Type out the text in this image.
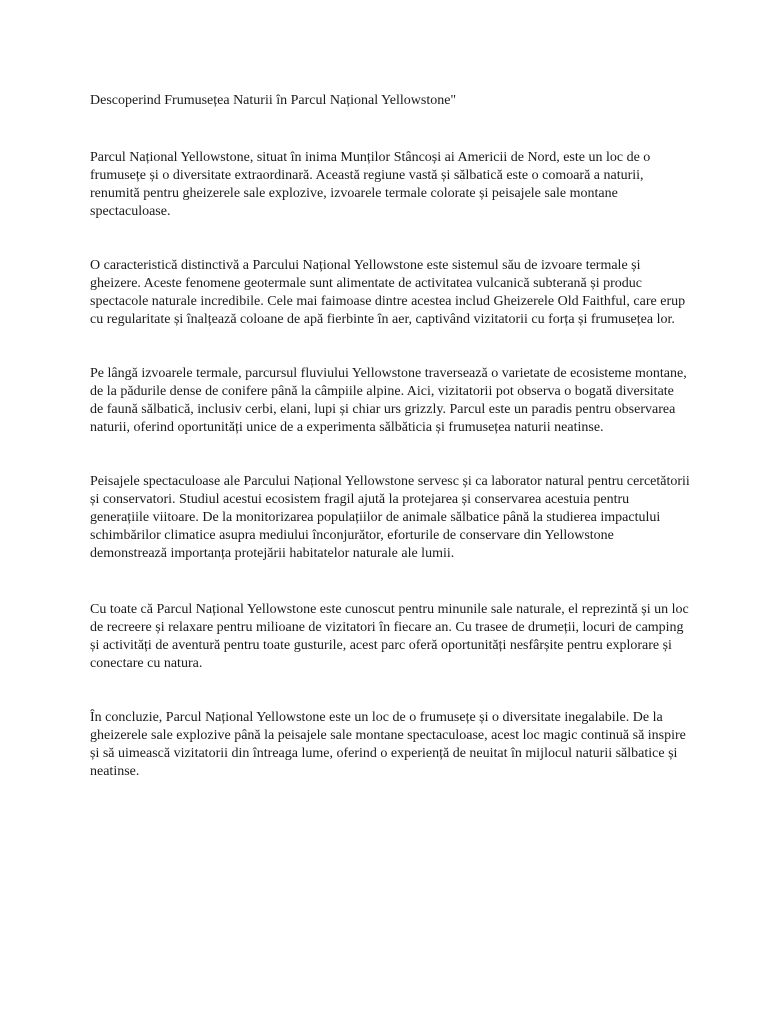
Descoperind Frumusețea Naturii în Parcul Național Yellowstone"

Parcul Național Yellowstone, situat în inima Munților Stâncoși ai Americii de Nord, este un loc de o frumusețe și o diversitate extraordinară. Această regiune vastă și sălbatică este o comoară a naturii, renumită pentru gheizerele sale explozive, izvoarele termale colorate și peisajele sale montane spectaculoase.

O caracteristică distinctivă a Parcului Național Yellowstone este sistemul său de izvoare termale și gheizere. Aceste fenomene geotermale sunt alimentate de activitatea vulcanică subterană și produc spectacole naturale incredibile. Cele mai faimoase dintre acestea includ Gheizerele Old Faithful, care erup cu regularitate și înalțează coloane de apă fierbinte în aer, captivând vizitatorii cu forța și frumusețea lor.

Pe lângă izvoarele termale, parcursul fluviului Yellowstone traversează o varietate de ecosisteme montane, de la pădurile dense de conifere până la câmpiile alpine. Aici, vizitatorii pot observa o bogată diversitate de faună sălbatică, inclusiv cerbi, elani, lupi și chiar urs grizzly. Parcul este un paradis pentru observarea naturii, oferind oportunități unice de a experimenta sălbăticia și frumusețea naturii neatinse.

Peisajele spectaculoase ale Parcului Național Yellowstone servesc și ca laborator natural pentru cercetătorii și conservatori. Studiul acestui ecosistem fragil ajută la protejarea și conservarea acestuia pentru generațiile viitoare. De la monitorizarea populațiilor de animale sălbatice până la studierea impactului schimbărilor climatice asupra mediului înconjurător, eforturile de conservare din Yellowstone demonstrează importanța protejării habitatelor naturale ale lumii.

Cu toate că Parcul Național Yellowstone este cunoscut pentru minunile sale naturale, el reprezintă și un loc de recreere și relaxare pentru milioane de vizitatori în fiecare an. Cu trasee de drumeții, locuri de camping și activități de aventură pentru toate gusturile, acest parc oferă oportunități nesfârșite pentru explorare și conectare cu natura.

În concluzie, Parcul Național Yellowstone este un loc de o frumusețe și o diversitate inegalabile. De la gheizerele sale explozive până la peisajele sale montane spectaculoase, acest loc magic continuă să inspire și să uimească vizitatorii din întreaga lume, oferind o experiență de neuitat în mijlocul naturii sălbatice și neatinse.
